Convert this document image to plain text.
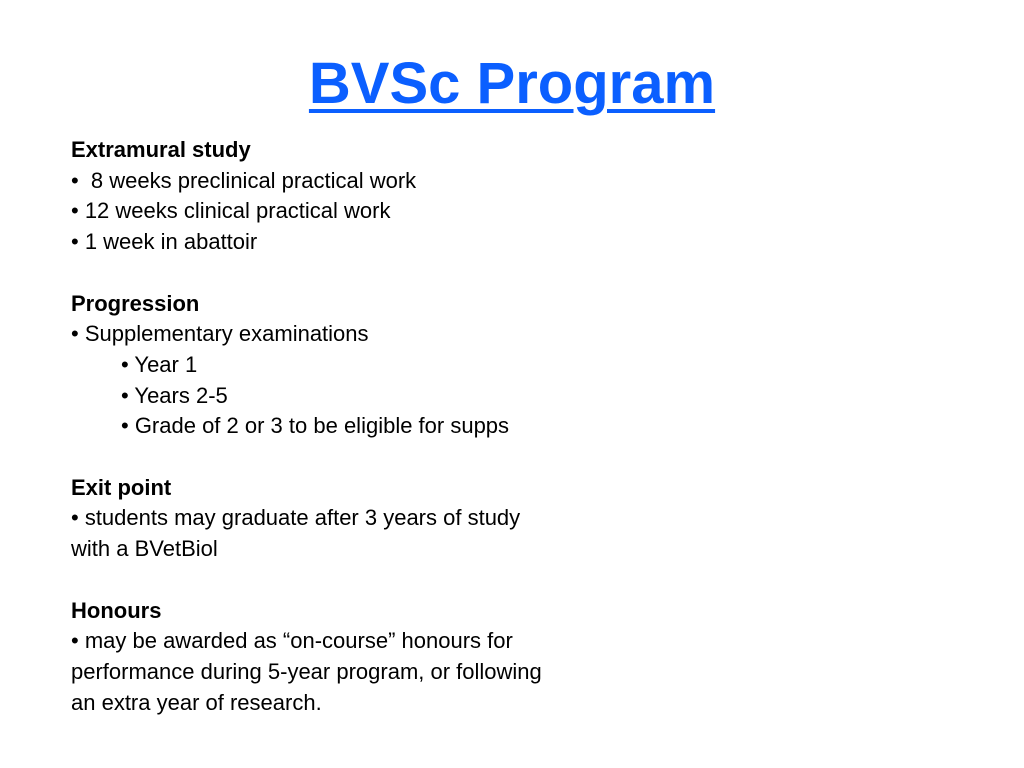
BVSc Program
Extramural study
•  8 weeks preclinical practical work
• 12 weeks clinical practical work
• 1 week in abattoir
Progression
• Supplementary examinations
• Year 1
• Years 2-5
• Grade of 2 or 3 to be eligible for supps
Exit point
• students may graduate after 3 years of study
with a BVetBiol
Honours
• may be awarded as “on-course” honours for
performance during 5-year program, or following
an extra year of research.
